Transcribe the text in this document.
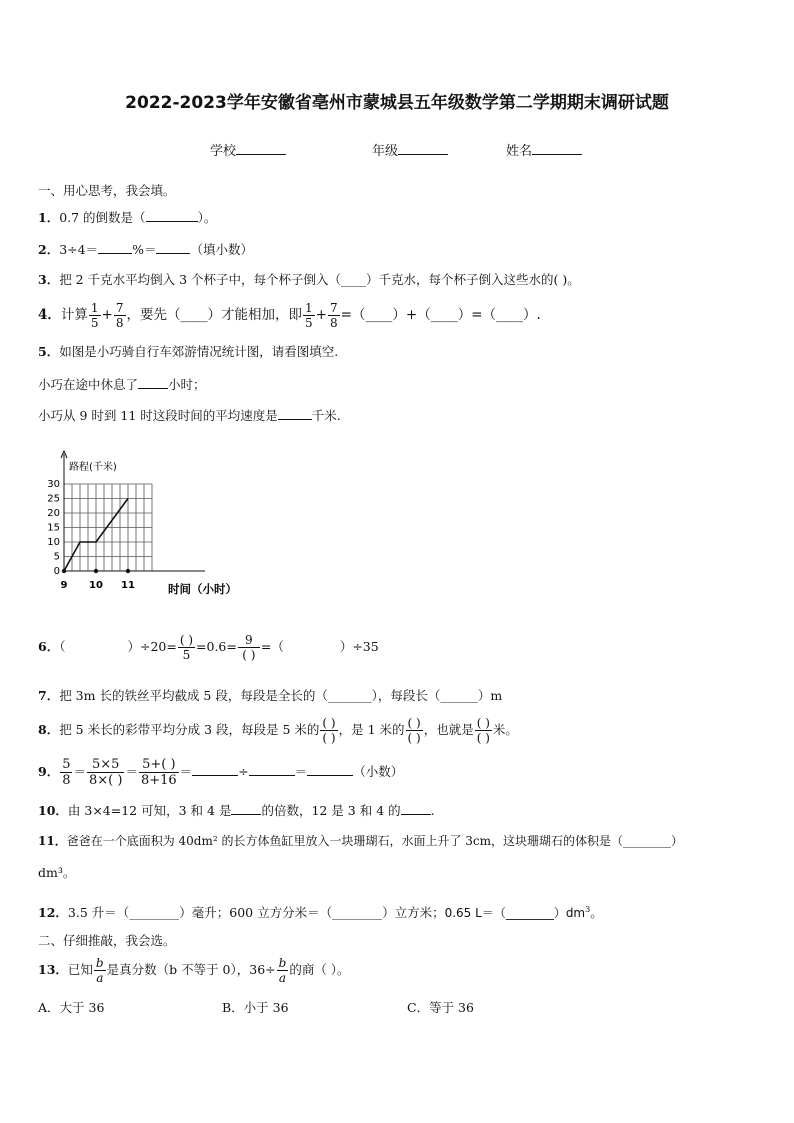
2022-2023学年安徽省亳州市蒙城县五年级数学第二学期期末调研试题
学校	年级	姓名
一、用心思考，我会填。
1．0.7 的倒数是（	）。
2．3÷4＝	%＝	（填小数）
3．把 2 千克水平均倒入 3 个杯子中，每个杯子倒入（____）千克水，每个杯子倒入这些水的( )。
4．计算 $\frac{1}{5} + \frac{7}{8}$ ，要先（____）才能相加，即 $\frac{1}{5} + \frac{7}{8}$ =（____）+（____）=（____）.
5．如图是小巧骑自行车郊游情况统计图，请看图填空.
小巧在途中休息了 小时；
小巧从 9 时到 11 时这段时间的平均速度是	千米.
0
5
10
15
20
25
30
9 10 11
路程(千米)
时间（小时）
6．（	）$\div 20= \frac{( )}{5} =0.6= \frac{9}{( )}$ =（	）÷35
7．把 3m 长的铁丝平均截成 5 段，每段是全长的（_______），每段长（______）m
8．把 5 米长的彩带平均分成 3 段，每段是 5 米的 $\frac{( )}{( )}$ ，是 1 米的 $\frac{( )}{( )}$ ，也就是 $\frac{( )}{( )}$ 米。
9． $\frac{5}{8} = \frac{5\times 5}{8\times( )} = \frac{5+( )}{8+16}$ ＝	÷	＝	（小数）
10．由 3×4=12 可知，3 和 4 是 的倍数，12 是 3 和 4 的 .
11．爸爸在一个底面积为 40dm² 的长方体鱼缸里放入一块珊瑚石，水面上升了 3cm，这块珊瑚石的体积是（________）
dm³。
12．3.5 升＝（________）毫升；600 立方分米＝（________）立方米；0.65 $L=(\_\_\_\_\_\_\_\_)dm^3$。
二、仔细推敲，我会选。
13．已知 $\frac{b}{a}$ 是真分数（b 不等于 0），$36\div \frac{b}{a}$ 的商（ ）。
A．大于 36	B．小于 36	C．等于 36
